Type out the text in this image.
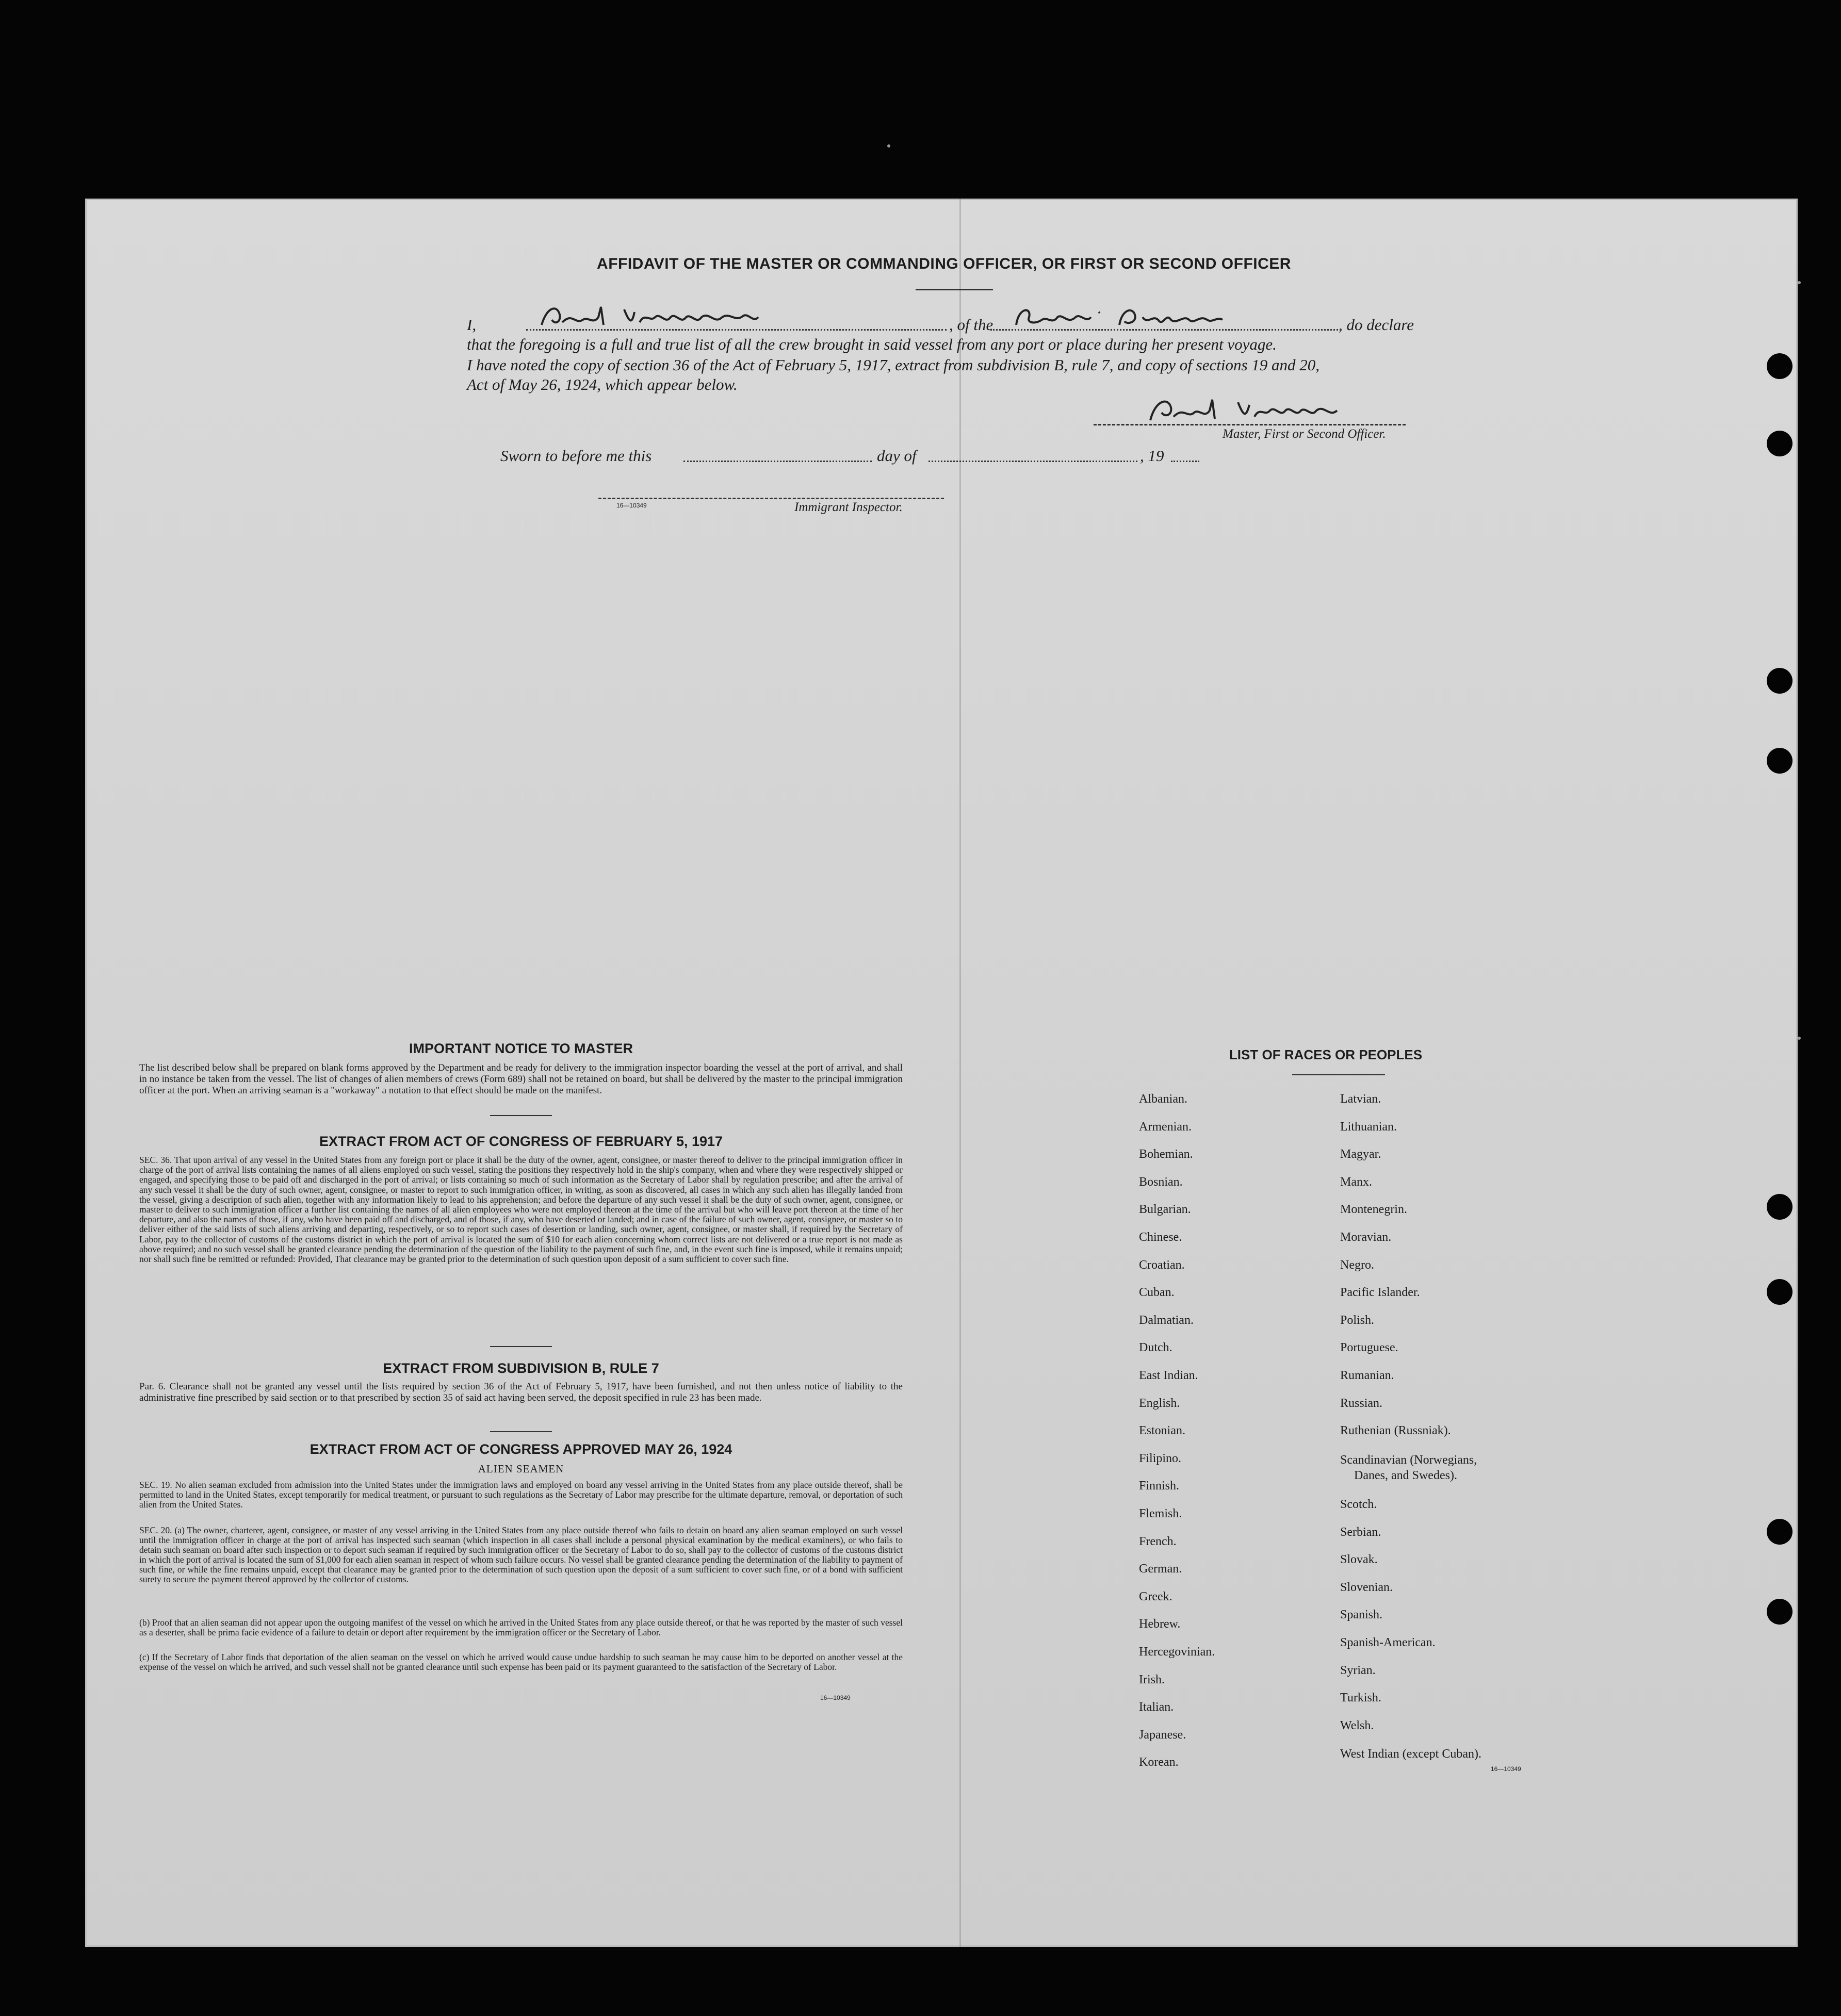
AFFIDAVIT OF THE MASTER OR COMMANDING OFFICER, OR FIRST OR SECOND OFFICER
I,	, of the	, do declare
that the foregoing is a full and true list of all the crew brought in said vessel from any port or place during her present voyage.
I have noted the copy of section 36 of the Act of February 5, 1917, extract from subdivision B, rule 7, and copy of sections 19 and 20,
Act of May 26, 1924, which appear below.
Master, First or Second Officer.
Sworn to before me this	day of	, 19
16—10349	Immigrant Inspector.
IMPORTANT NOTICE TO MASTER
The list described below shall be prepared on blank forms approved by the Department and be ready for delivery to the immigration inspector boarding the vessel at the port of arrival, and shall in no instance be taken from the vessel. The list of changes of alien members of crews (Form 689) shall not be retained on board, but shall be delivered by the master to the principal immigration officer at the port. When an arriving seaman is a "workaway" a notation to that effect should be made on the manifest.
EXTRACT FROM ACT OF CONGRESS OF FEBRUARY 5, 1917
SEC. 36. That upon arrival of any vessel in the United States from any foreign port or place it shall be the duty of the owner, agent, consignee, or master thereof to deliver to the principal immigration officer in charge of the port of arrival lists containing the names of all aliens employed on such vessel, stating the positions they respectively hold in the ship's company, when and where they were respectively shipped or engaged, and specifying those to be paid off and discharged in the port of arrival; or lists containing so much of such information as the Secretary of Labor shall by regulation prescribe; and after the arrival of any such vessel it shall be the duty of such owner, agent, consignee, or master to report to such immigration officer, in writing, as soon as discovered, all cases in which any such alien has illegally landed from the vessel, giving a description of such alien, together with any information likely to lead to his apprehension; and before the departure of any such vessel it shall be the duty of such owner, agent, consignee, or master to deliver to such immigration officer a further list containing the names of all alien employees who were not employed thereon at the time of the arrival but who will leave port thereon at the time of her departure, and also the names of those, if any, who have been paid off and discharged, and of those, if any, who have deserted or landed; and in case of the failure of such owner, agent, consignee, or master so to deliver either of the said lists of such aliens arriving and departing, respectively, or so to report such cases of desertion or landing, such owner, agent, consignee, or master shall, if required by the Secretary of Labor, pay to the collector of customs of the customs district in which the port of arrival is located the sum of $10 for each alien concerning whom correct lists are not delivered or a true report is not made as above required; and no such vessel shall be granted clearance pending the determination of the question of the liability to the payment of such fine, and, in the event such fine is imposed, while it remains unpaid; nor shall such fine be remitted or refunded: Provided, That clearance may be granted prior to the determination of such question upon deposit of a sum sufficient to cover such fine.
EXTRACT FROM SUBDIVISION B, RULE 7
Par. 6. Clearance shall not be granted any vessel until the lists required by section 36 of the Act of February 5, 1917, have been furnished, and not then unless notice of liability to the administrative fine prescribed by said section or to that prescribed by section 35 of said act having been served, the deposit specified in rule 23 has been made.
EXTRACT FROM ACT OF CONGRESS APPROVED MAY 26, 1924
ALIEN SEAMEN
SEC. 19. No alien seaman excluded from admission into the United States under the immigration laws and employed on board any vessel arriving in the United States from any place outside thereof, shall be permitted to land in the United States, except temporarily for medical treatment, or pursuant to such regulations as the Secretary of Labor may prescribe for the ultimate departure, removal, or deportation of such alien from the United States.
SEC. 20. (a) The owner, charterer, agent, consignee, or master of any vessel arriving in the United States from any place outside thereof who fails to detain on board any alien seaman employed on such vessel until the immigration officer in charge at the port of arrival has inspected such seaman (which inspection in all cases shall include a personal physical examination by the medical examiners), or who fails to detain such seaman on board after such inspection or to deport such seaman if required by such immigration officer or the Secretary of Labor to do so, shall pay to the collector of customs of the customs district in which the port of arrival is located the sum of $1,000 for each alien seaman in respect of whom such failure occurs. No vessel shall be granted clearance pending the determination of the liability to payment of such fine, or while the fine remains unpaid, except that clearance may be granted prior to the determination of such question upon the deposit of a sum sufficient to cover such fine, or of a bond with sufficient surety to secure the payment thereof approved by the collector of customs.
(b) Proof that an alien seaman did not appear upon the outgoing manifest of the vessel on which he arrived in the United States from any place outside thereof, or that he was reported by the master of such vessel as a deserter, shall be prima facie evidence of a failure to detain or deport after requirement by the immigration officer or the Secretary of Labor.
(c) If the Secretary of Labor finds that deportation of the alien seaman on the vessel on which he arrived would cause undue hardship to such seaman he may cause him to be deported on another vessel at the expense of the vessel on which he arrived, and such vessel shall not be granted clearance until such expense has been paid or its payment guaranteed to the satisfaction of the Secretary of Labor.
16—10349
LIST OF RACES OR PEOPLES
Albanian.
Armenian.
Bohemian.
Bosnian.
Bulgarian.
Chinese.
Croatian.
Cuban.
Dalmatian.
Dutch.
East Indian.
English.
Estonian.
Filipino.
Finnish.
Flemish.
French.
German.
Greek.
Hebrew.
Hercegovinian.
Irish.
Italian.
Japanese.
Korean.
Latvian.
Lithuanian.
Magyar.
Manx.
Montenegrin.
Moravian.
Negro.
Pacific Islander.
Polish.
Portuguese.
Rumanian.
Russian.
Ruthenian (Russniak).
Scandinavian (Norwegians,
Danes, and Swedes).
Scotch.
Serbian.
Slovak.
Slovenian.
Spanish.
Spanish-American.
Syrian.
Turkish.
Welsh.
West Indian (except Cuban).
16—10349
